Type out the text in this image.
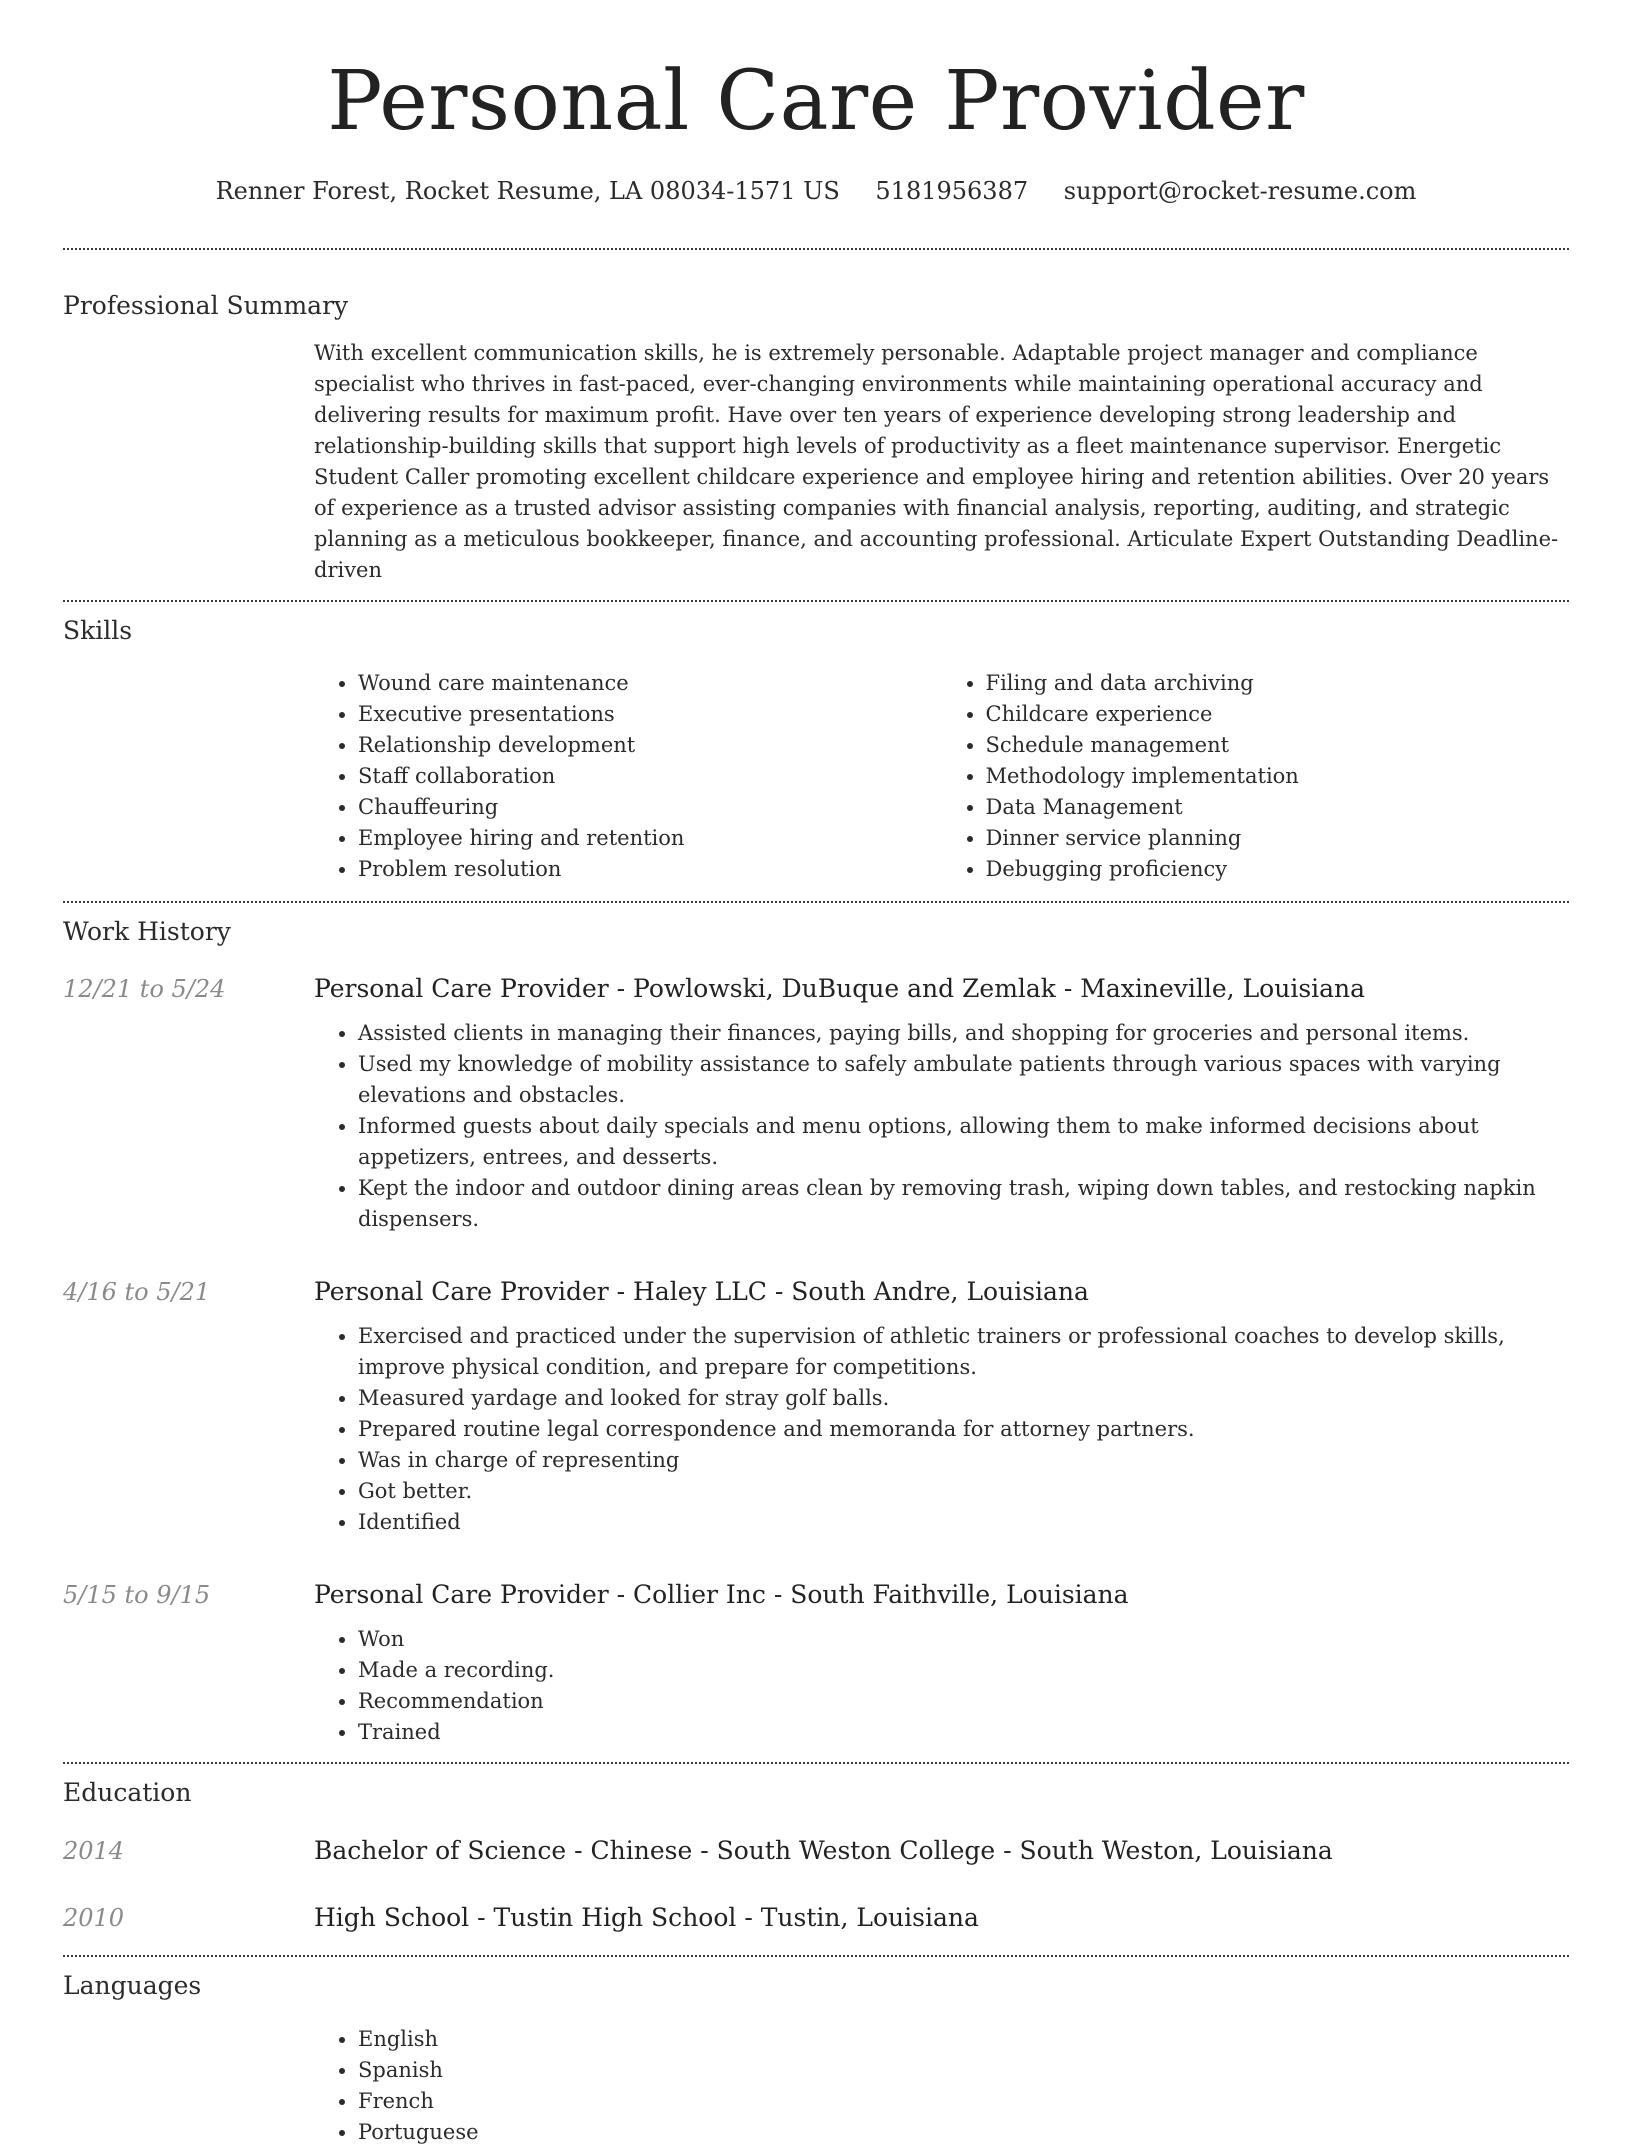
Personal Care Provider
Renner Forest, Rocket Resume, LA 08034-1571 US 5181956387 support@rocket-resume.com
Professional Summary

With excellent communication skills, he is extremely personable. Adaptable project manager and compliance specialist who thrives in fast-paced, ever-changing environments while maintaining operational accuracy and delivering results for maximum profit. Have over ten years of experience developing strong leadership and relationship-building skills that support high levels of productivity as a fleet maintenance supervisor. Energetic Student Caller promoting excellent childcare experience and employee hiring and retention abilities. Over 20 years of experience as a trusted advisor assisting companies with financial analysis, reporting, auditing, and strategic planning as a meticulous bookkeeper, finance, and accounting professional. Articulate Expert Outstanding Deadline-driven

Skills
• Wound care maintenance
• Executive presentations
• Relationship development
• Staff collaboration
• Chauffeuring
• Employee hiring and retention
• Problem resolution
• Filing and data archiving
• Childcare experience
• Schedule management
• Methodology implementation
• Data Management
• Dinner service planning
• Debugging proficiency
Work History
12/21 to 5/24	Personal Care Provider - Powlowski, DuBuque and Zemlak - Maxineville, Louisiana
• Assisted clients in managing their finances, paying bills, and shopping for groceries and personal items.
• Used my knowledge of mobility assistance to safely ambulate patients through various spaces with varying elevations and obstacles.
• Informed guests about daily specials and menu options, allowing them to make informed decisions about appetizers, entrees, and desserts.
• Kept the indoor and outdoor dining areas clean by removing trash, wiping down tables, and restocking napkin dispensers.
4/16 to 5/21	Personal Care Provider - Haley LLC - South Andre, Louisiana
• Exercised and practiced under the supervision of athletic trainers or professional coaches to develop skills, improve physical condition, and prepare for competitions.
• Measured yardage and looked for stray golf balls.
• Prepared routine legal correspondence and memoranda for attorney partners.
• Was in charge of representing
• Got better.
• Identified
5/15 to 9/15	Personal Care Provider - Collier Inc - South Faithville, Louisiana
• Won
• Made a recording.
• Recommendation
• Trained
Education
2014	Bachelor of Science - Chinese - South Weston College - South Weston, Louisiana
2010	High School - Tustin High School - Tustin, Louisiana
Languages
• English
• Spanish
• French
• Portuguese
